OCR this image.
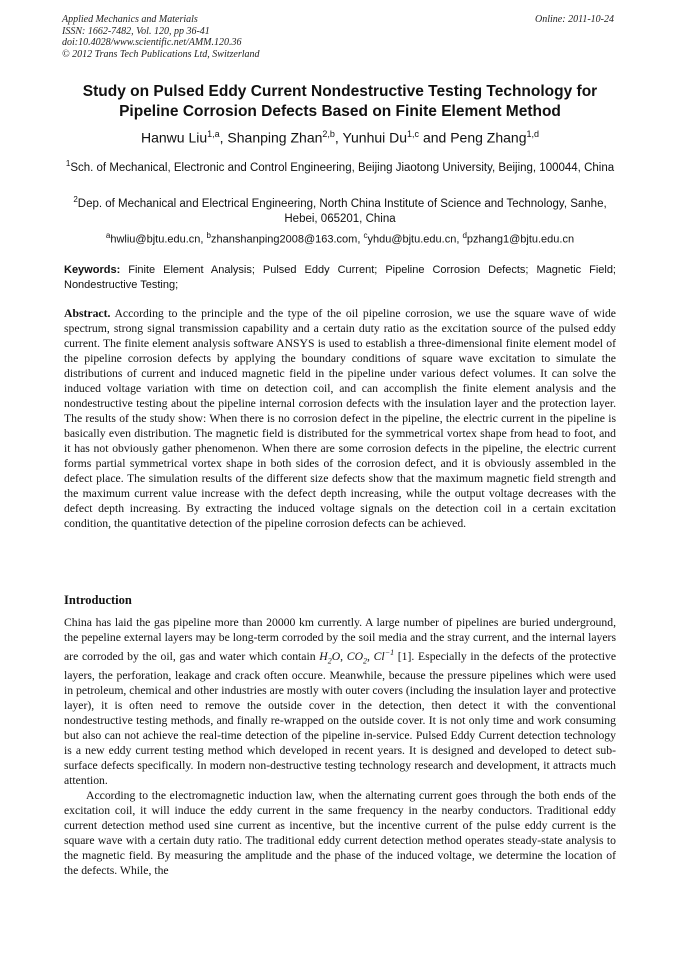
Applied Mechanics and Materials
ISSN: 1662-7482, Vol. 120, pp 36-41
doi:10.4028/www.scientific.net/AMM.120.36
© 2012 Trans Tech Publications Ltd, Switzerland
Online: 2011-10-24
Study on Pulsed Eddy Current Nondestructive Testing Technology for Pipeline Corrosion Defects Based on Finite Element Method
Hanwu Liu$^{1,a}$, Shanping Zhan$^{2,b}$, Yunhui Du$^{1,c}$ and Peng Zhang$^{1,d}$
$^1$Sch. of Mechanical, Electronic and Control Engineering, Beijing Jiaotong University, Beijing, 100044, China
$^2$Dep. of Mechanical and Electrical Engineering, North China Institute of Science and Technology, Sanhe, Hebei, 065201, China
$^a$hwliu@bjtu.edu.cn, $^b$zhanshanping2008@163.com, $^c$yhdu@bjtu.edu.cn, $^d$pzhang1@bjtu.edu.cn
Keywords: Finite Element Analysis; Pulsed Eddy Current; Pipeline Corrosion Defects; Magnetic Field; Nondestructive Testing;
Abstract. According to the principle and the type of the oil pipeline corrosion, we use the square wave of wide spectrum, strong signal transmission capability and a certain duty ratio as the excitation source of the pulsed eddy current. The finite element analysis software ANSYS is used to establish a three-dimensional finite element model of the pipeline corrosion defects by applying the boundary conditions of square wave excitation to simulate the distributions of current and induced magnetic field in the pipeline under various defect volumes. It can solve the induced voltage variation with time on detection coil, and can accomplish the finite element analysis and the nondestructive testing about the pipeline internal corrosion defects with the insulation layer and the protection layer. The results of the study show: When there is no corrosion defect in the pipeline, the electric current in the pipeline is basically even distribution. The magnetic field is distributed for the symmetrical vortex shape from head to foot, and it has not obviously gather phenomenon. When there are some corrosion defects in the pipeline, the electric current forms partial symmetrical vortex shape in both sides of the corrosion defect, and it is obviously assembled in the defect place. The simulation results of the different size defects show that the maximum magnetic field strength and the maximum current value increase with the defect depth increasing, while the output voltage decreases with the defect depth increasing. By extracting the induced voltage signals on the detection coil in a certain excitation condition, the quantitative detection of the pipeline corrosion defects can be achieved.
Introduction

China has laid the gas pipeline more than 20000 km currently. A large number of pipelines are buried underground, the pepeline external layers may be long-term corroded by the soil media and the stray current, and the internal layers are corroded by the oil, gas and water which contain $H_2O$, $CO_2$, $Cl^{-1}$ [1]. Especially in the defects of the protective layers, the perforation, leakage and crack often occure. Meanwhile, because the pressure pipelines which were used in petroleum, chemical and other industries are mostly with outer covers (including the insulation layer and protective layer), it is often need to remove the outside cover in the detection, then detect it with the conventional nondestructive testing methods, and finally re-wrapped on the outside cover. It is not only time and work consuming but also can not achieve the real-time detection of the pipeline in-service. Pulsed Eddy Current detection technology is a new eddy current testing method which developed in recent years. It is designed and developed to detect sub-surface defects specifically. In modern non-destructive testing technology research and development, it attracts much attention.

According to the electromagnetic induction law, when the alternating current goes through the both ends of the excitation coil, it will induce the eddy current in the same frequency in the nearby conductors. Traditional eddy current detection method used sine current as incentive, but the incentive current of the pulse eddy current is the square wave with a certain duty ratio. The traditional eddy current detection method operates steady-state analysis to the magnetic field. By measuring the amplitude and the phase of the induced voltage, we determine the location of the defects. While, the
